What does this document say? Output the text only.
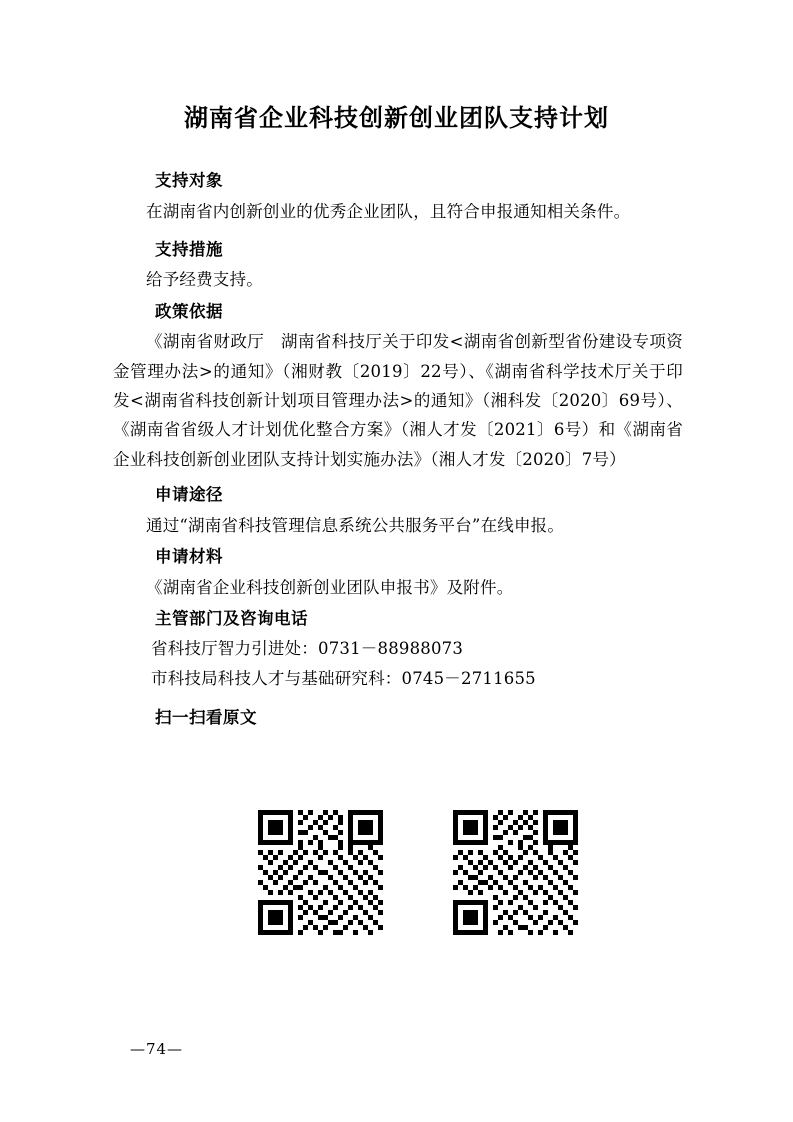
湖南省企业科技创新创业团队支持计划
支持对象

在湖南省内创新创业的优秀企业团队，且符合申报通知相关条件。

支持措施

给予经费支持。

政策依据

《湖南省财政厅　湖南省科技厅关于印发<湖南省创新型省份建设专项资金管理办法>的通知》（湘财教〔2019〕22号）、《湖南省科学技术厅关于印发<湖南省科技创新计划项目管理办法>的通知》（湘科发〔2020〕69号）、《湖南省省级人才计划优化整合方案》（湘人才发〔2021〕6号）和《湖南省企业科技创新创业团队支持计划实施办法》（湘人才发〔2020〕7号）

申请途径

通过“湖南省科技管理信息系统公共服务平台”在线申报。

申请材料

《湖南省企业科技创新创业团队申报书》及附件。

主管部门及咨询电话
省科技厅智力引进处：0731－88988073
市科技局科技人才与基础研究科：0745－2711655
扫一扫看原文
—74—
